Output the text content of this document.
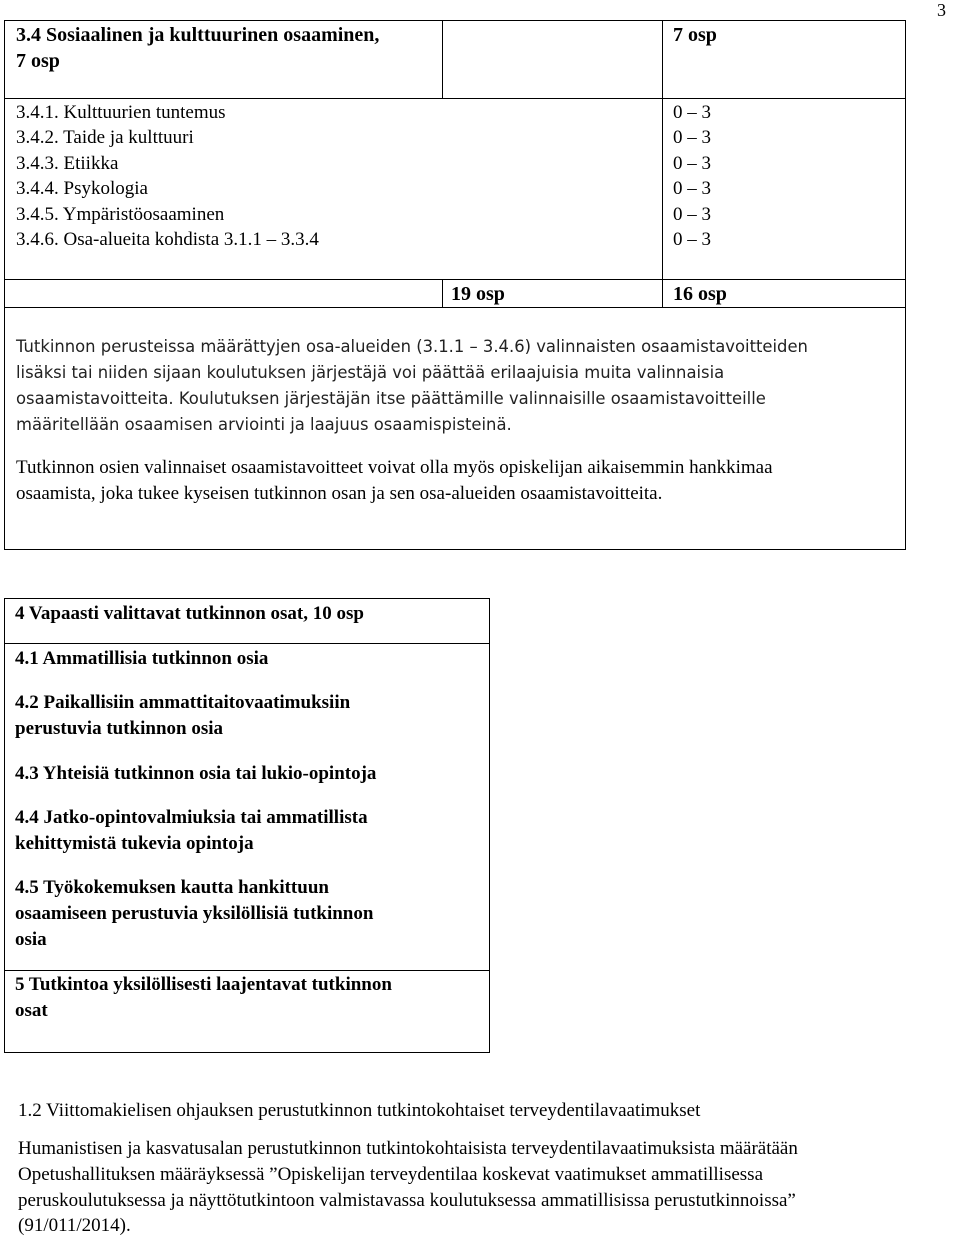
3
3.4 Sosiaalinen ja kulttuurinen osaaminen,
7 osp
7 osp
3.4.1. Kulttuurien tuntemus
3.4.2. Taide ja kulttuuri
3.4.3. Etiikka
3.4.4. Psykologia
3.4.5. Ympäristöosaaminen
3.4.6. Osa-alueita kohdista 3.1.1 – 3.3.4
0 – 3
0 – 3
0 – 3
0 – 3
0 – 3
0 – 3
19 osp	16 osp
Tutkinnon perusteissa määrättyjen osa-alueiden (3.1.1 – 3.4.6) valinnaisten osaamistavoitteiden
lisäksi tai niiden sijaan koulutuksen järjestäjä voi päättää erilaajuisia muita valinnaisia
osaamistavoitteita. Koulutuksen järjestäjän itse päättämille valinnaisille osaamistavoitteille
määritellään osaamisen arviointi ja laajuus osaamispisteinä.
Tutkinnon osien valinnaiset osaamistavoitteet voivat olla myös opiskelijan aikaisemmin hankkimaa
osaamista, joka tukee kyseisen tutkinnon osan ja sen osa-alueiden osaamistavoitteita.
4 Vapaasti valittavat tutkinnon osat, 10 osp
4.1 Ammatillisia tutkinnon osia
4.2 Paikallisiin ammattitaitovaatimuksiin
perustuvia tutkinnon osia
4.3 Yhteisiä tutkinnon osia tai lukio-opintoja
4.4 Jatko-opintovalmiuksia tai ammatillista
kehittymistä tukevia opintoja
4.5 Työkokemuksen kautta hankittuun
osaamiseen perustuvia yksilöllisiä tutkinnon
osia
5 Tutkintoa yksilöllisesti laajentavat tutkinnon
osat
1.2 Viittomakielisen ohjauksen perustutkinnon tutkintokohtaiset terveydentilavaatimukset
Humanistisen ja kasvatusalan perustutkinnon tutkintokohtaisista terveydentilavaatimuksista määrätään
Opetushallituksen määräyksessä ”Opiskelijan terveydentilaa koskevat vaatimukset ammatillisessa
peruskoulutuksessa ja näyttötutkintoon valmistavassa koulutuksessa ammatillisissa perustutkinnoissa”
(91/011/2014).
